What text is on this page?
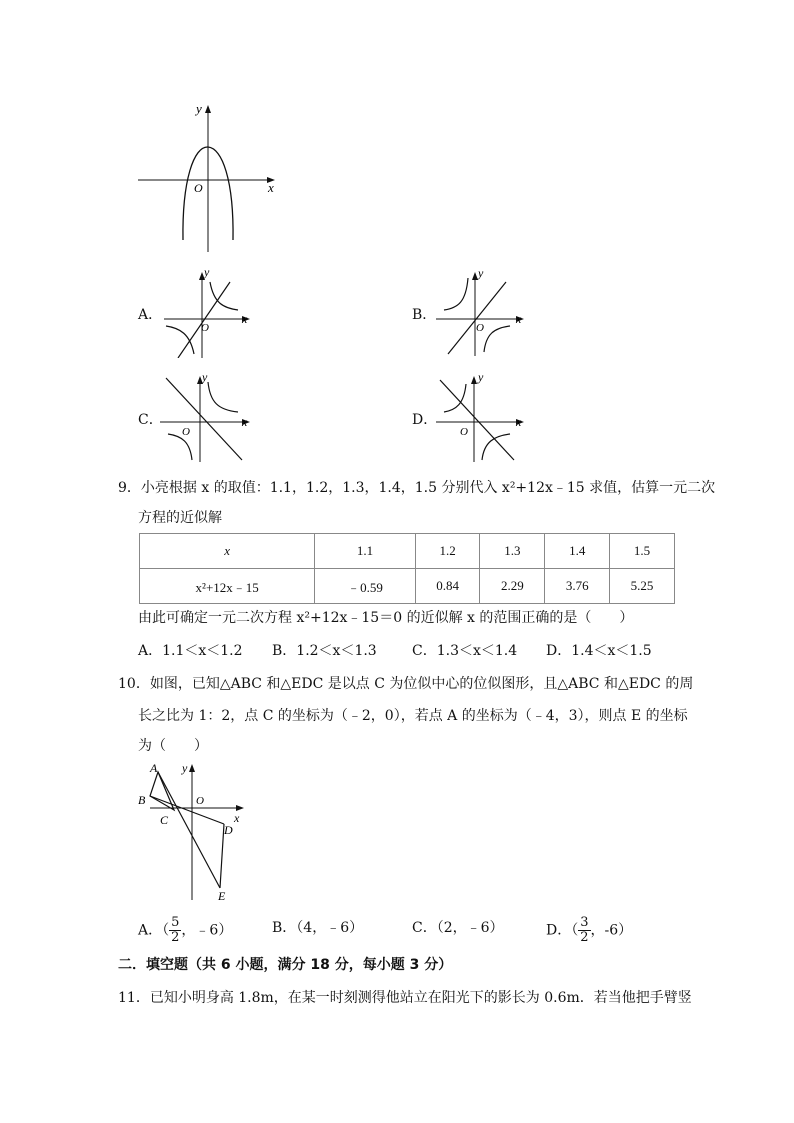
y
x
O
A．
y
x
O
B．
y
x
O
C．
y
x
O
D．
y
x
O
9．小亮根据 x 的取值：1.1，1.2，1.3，1.4，1.5 分别代入 x²+12x﹣15 求值，估算一元二次
方程的近似解
x	1.1	1.2	1.3	1.4	1.5
x²+12x﹣15	﹣0.59	0.84	2.29	3.76	5.25
由此可确定一元二次方程 x²+12x﹣15＝0 的近似解 x 的范围正确的是（　　）
A．1.1＜x＜1.2 B．1.2＜x＜1.3	C．1.3＜x＜1.4 D．1.4＜x＜1.5
10．如图，已知△ABC 和△EDC 是以点 C 为位似中心的位似图形，且△ABC 和△EDC 的周
长之比为 1：2，点 C 的坐标为（﹣2，0），若点 A 的坐标为（﹣4，3），则点 E 的坐标
为（　　）
A
B
C
D
E
y
x
O
A．（ $\frac{5}{2}$ ，﹣6）	B．（4，﹣6）	C．（2，﹣6）	D．（ $\frac{3}{2}$ ，-6）
二．填空题（共 6 小题，满分 18 分，每小题 3 分）
11．已知小明身高 1.8m，在某一时刻测得他站立在阳光下的影长为 0.6m．若当他把手臂竖
